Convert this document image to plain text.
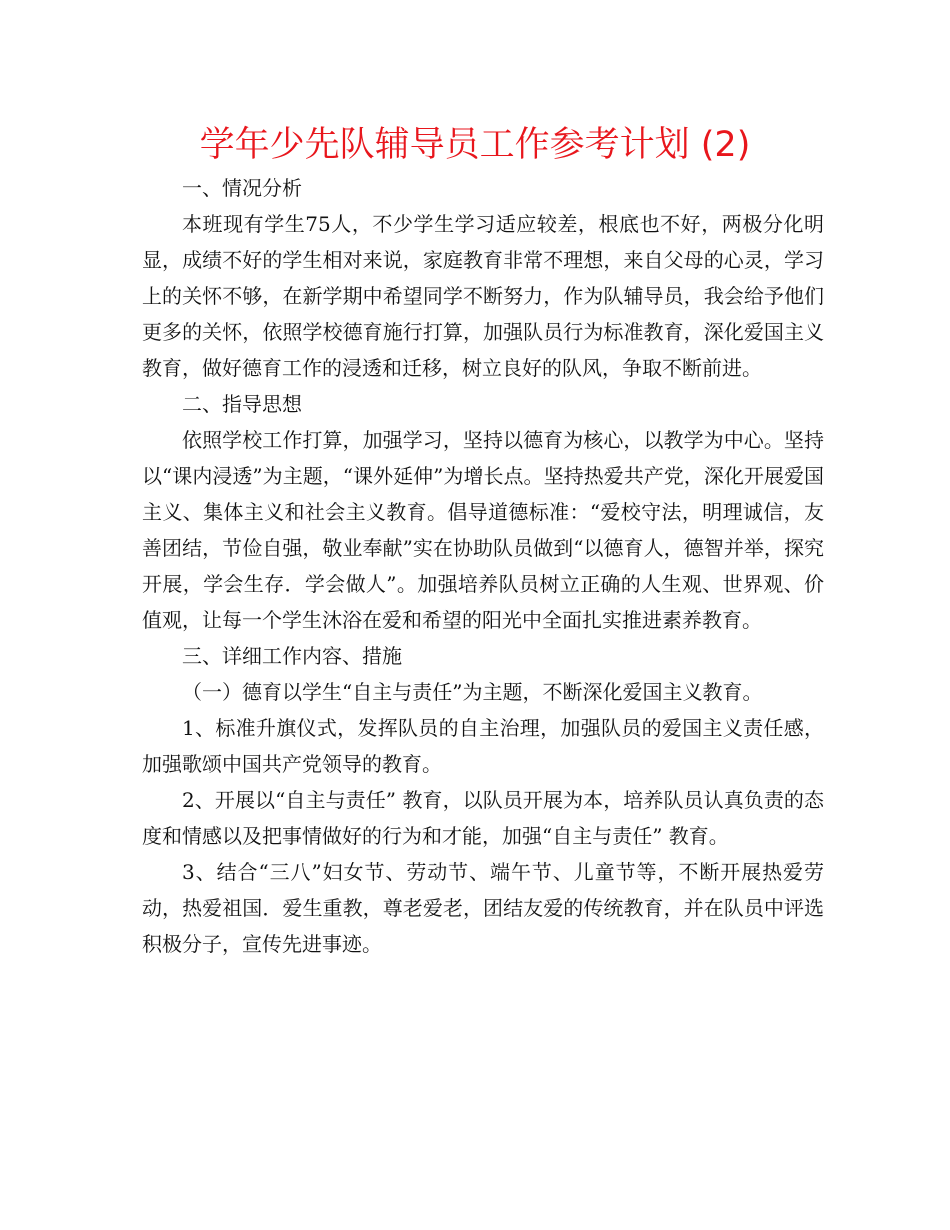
学年少先队辅导员工作参考计划 (2)

一、情况分析

本班现有学生75人，不少学生学习适应较差，根底也不好，两极分化明显，成绩不好的学生相对来说，家庭教育非常不理想，来自父母的心灵，学习上的关怀不够，在新学期中希望同学不断努力，作为队辅导员，我会给予他们更多的关怀，依照学校德育施行打算，加强队员行为标准教育，深化爱国主义教育，做好德育工作的浸透和迁移，树立良好的队风，争取不断前进。

二、指导思想

依照学校工作打算，加强学习，坚持以德育为核心，以教学为中心。坚持以“课内浸透”为主题，“课外延伸”为增长点。坚持热爱共产党，深化开展爱国主义、集体主义和社会主义教育。倡导道德标准：“爱校守法，明理诚信，友善团结，节俭自强，敬业奉献”实在协助队员做到“以德育人，德智并举，探究开展，学会生存．学会做人”。加强培养队员树立正确的人生观、世界观、价值观，让每一个学生沐浴在爱和希望的阳光中全面扎实推进素养教育。

三、详细工作内容、措施

（一）德育以学生“自主与责任”为主题，不断深化爱国主义教育。

1、标准升旗仪式，发挥队员的自主治理，加强队员的爱国主义责任感，加强歌颂中国共产党领导的教育。

2、开展以“自主与责任” 教育，以队员开展为本，培养队员认真负责的态度和情感以及把事情做好的行为和才能，加强“自主与责任” 教育。

3、结合“三八”妇女节、劳动节、端午节、儿童节等，不断开展热爱劳动，热爱祖国．爱生重教，尊老爱老，团结友爱的传统教育，并在队员中评选积极分子，宣传先进事迹。
